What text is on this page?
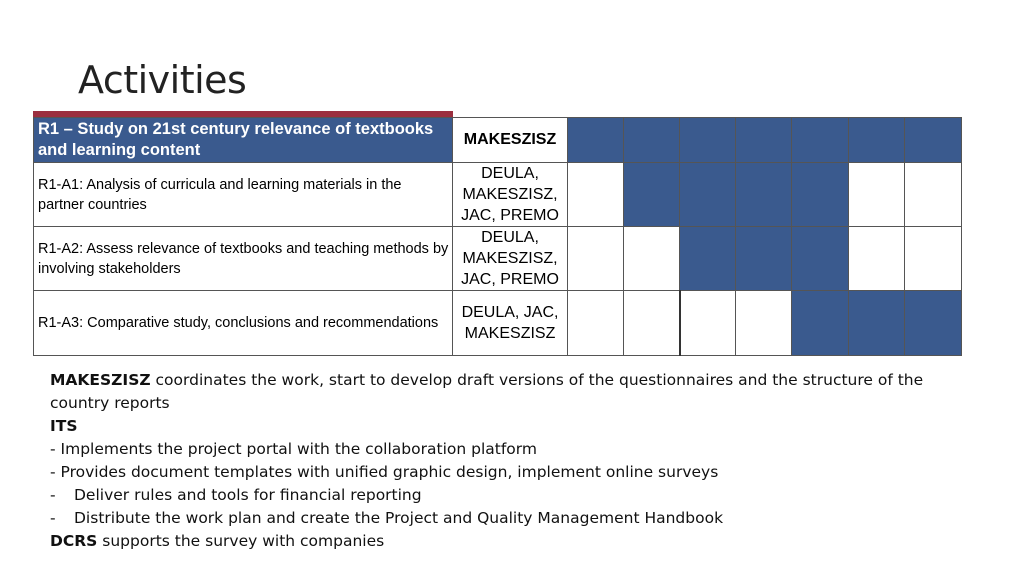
Activities
R1 – Study on 21st century relevance of textbooks and learning content	MAKESZISZ							
R1-A1: Analysis of curricula and learning materials in the partner countries	DEULA, MAKESZISZ, JAC, PREMO							
R1-A2: Assess relevance of textbooks and teaching methods by involving stakeholders	DEULA, MAKESZISZ, JAC, PREMO							
R1-A3: Comparative study, conclusions and recommendations	DEULA, JAC, MAKESZISZ							

MAKESZISZ coordinates the work, start to develop draft versions of the questionnaires and the structure of the country reports

ITS

- Implements the project portal with the collaboration platform

- Provides document templates with unified graphic design, implement online surveys

- Deliver rules and tools for financial reporting

- Distribute the work plan and create the Project and Quality Management Handbook

DCRS supports the survey with companies
